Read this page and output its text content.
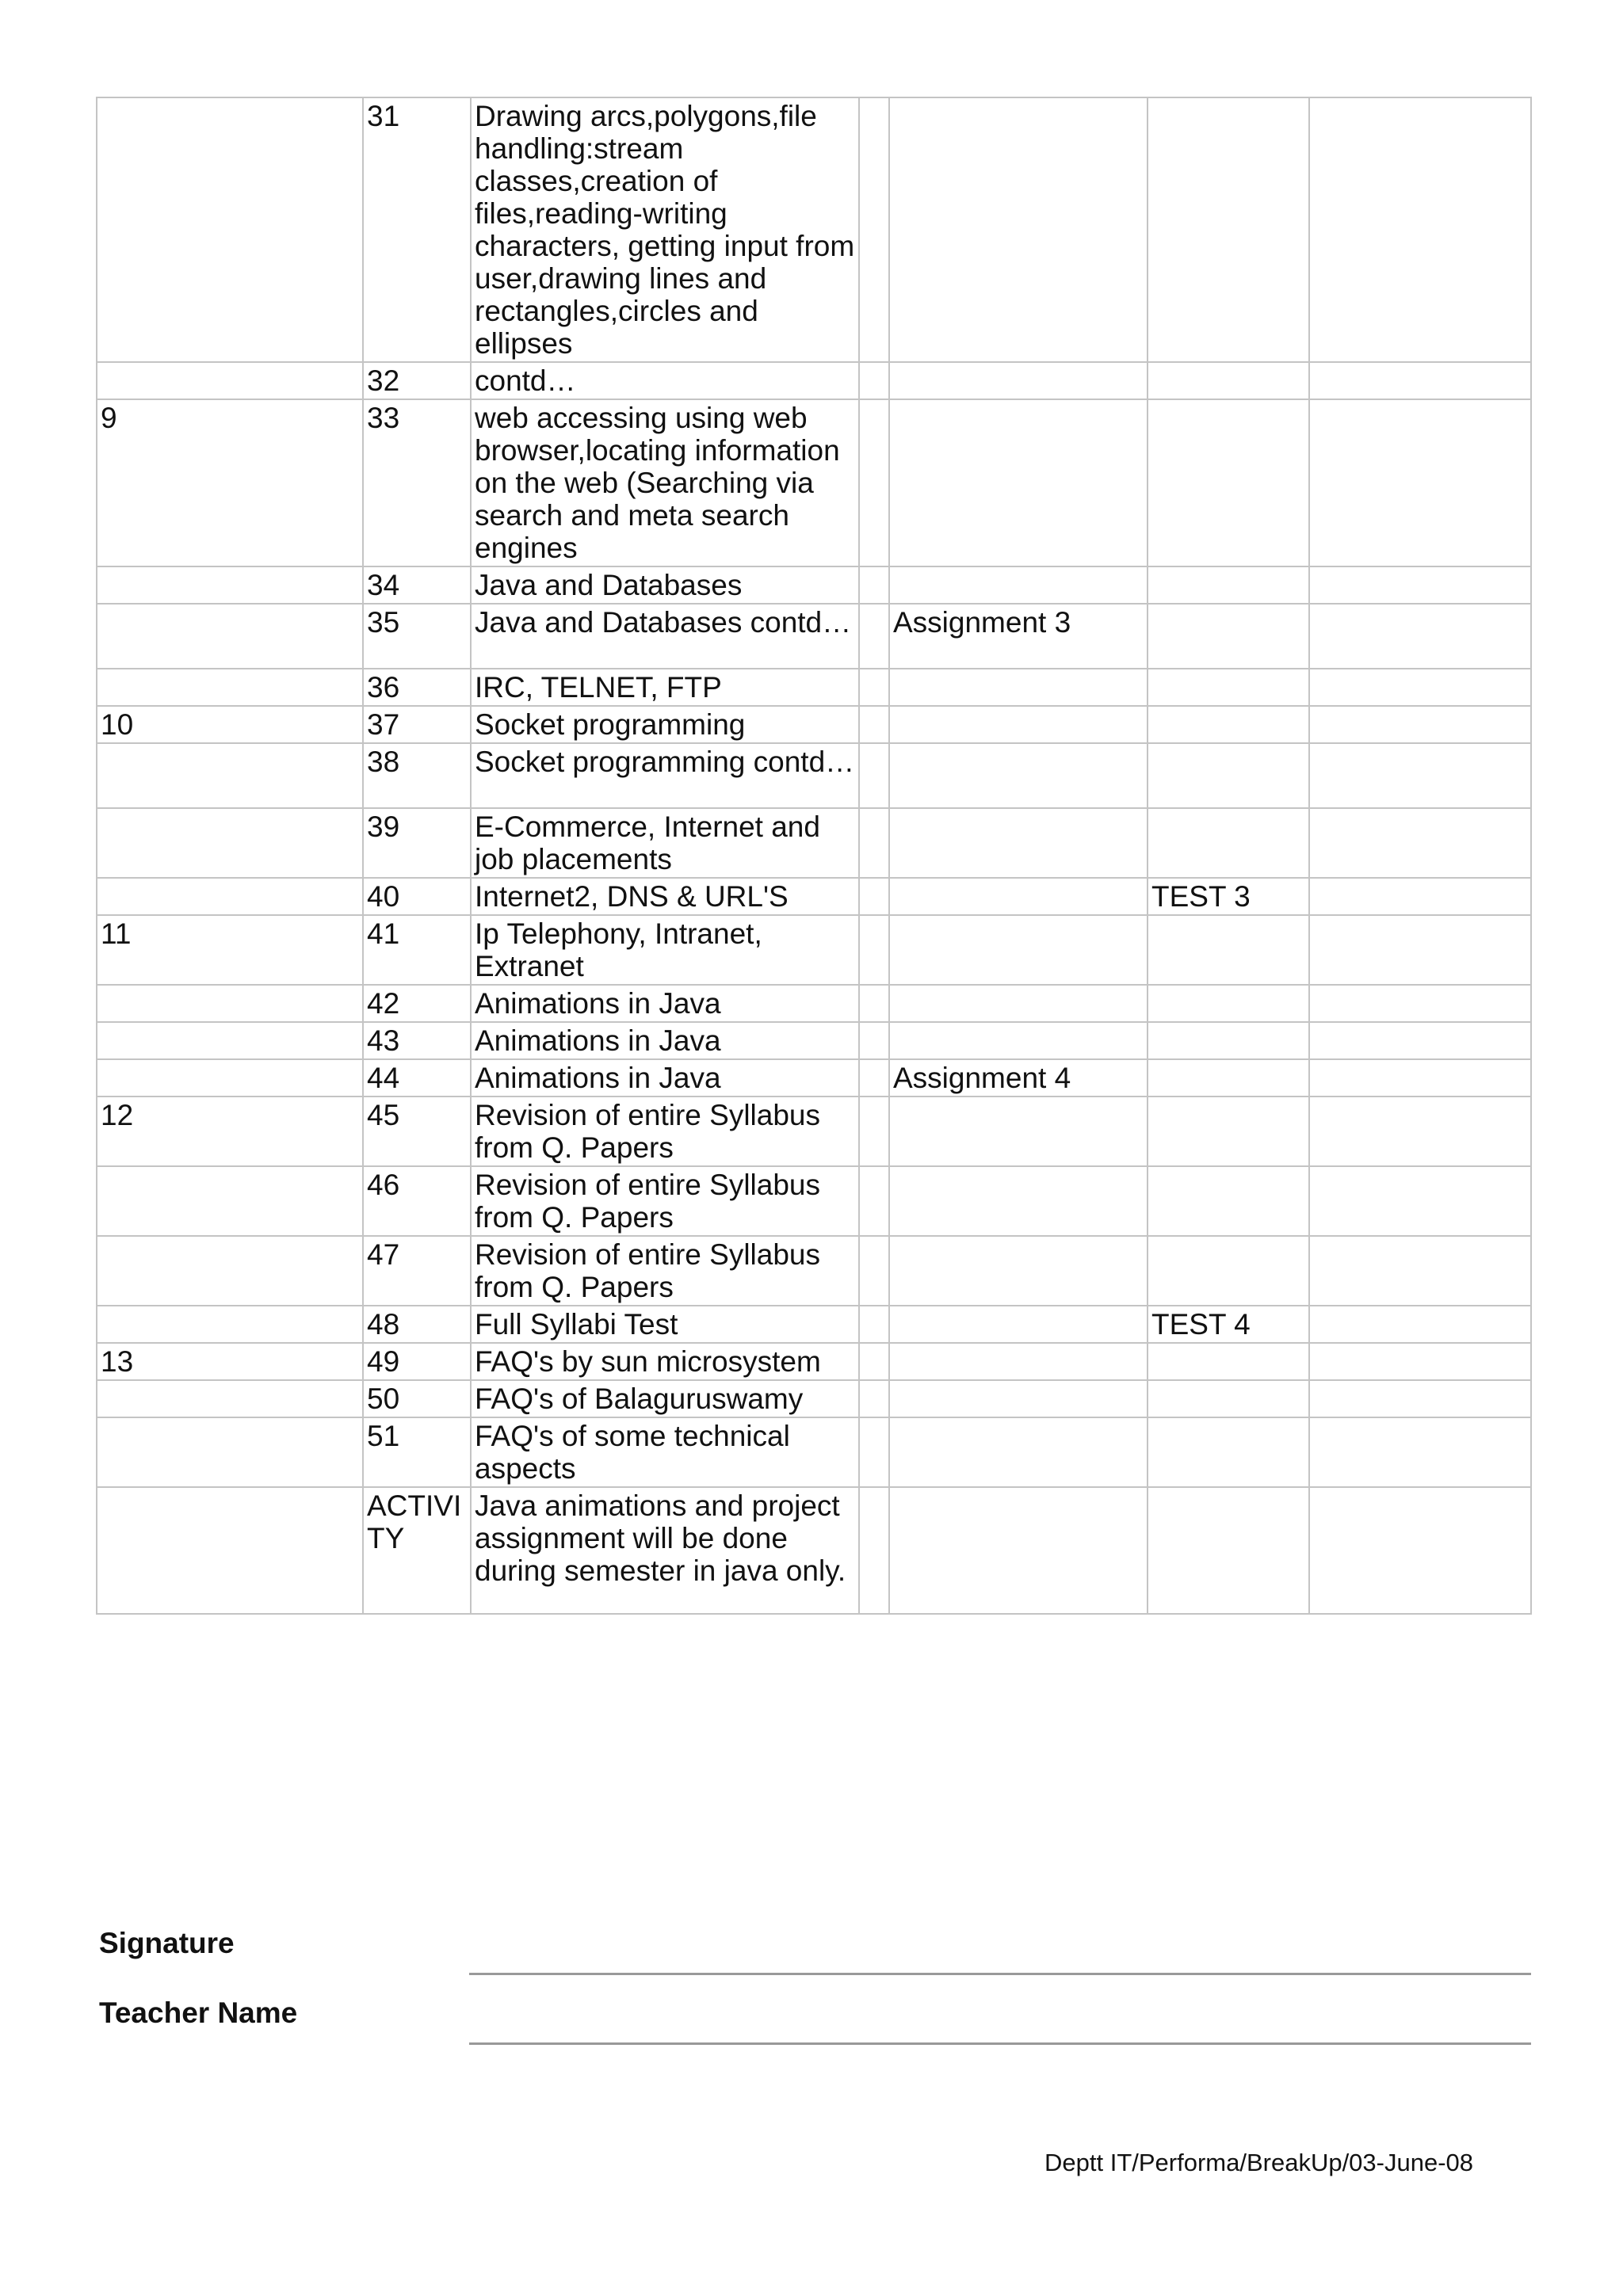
	31	Drawing arcs,polygons,file handling:stream classes,creation of files,reading-writing characters, getting input from user,drawing lines and rectangles,circles and ellipses				
	32	contd…				
9	33	web accessing using web browser,locating information on the web (Searching via search and meta search engines				
	34	Java and Databases				
	35	Java and Databases contd…		Assignment 3		
	36	IRC, TELNET, FTP				
10	37	Socket programming				
	38	Socket programming contd…				
	39	E-Commerce, Internet and job placements				
	40	Internet2, DNS & URL'S			TEST 3	
11	41	Ip Telephony, Intranet, Extranet				
	42	Animations in Java				
	43	Animations in Java				
	44	Animations in Java		Assignment 4		
12	45	Revision of entire Syllabus from Q. Papers				
	46	Revision of entire Syllabus from Q. Papers				
	47	Revision of entire Syllabus from Q. Papers				
	48	Full Syllabi Test			TEST 4	
13	49	FAQ's by sun microsystem				
	50	FAQ's of Balaguruswamy				
	51	FAQ's of some technical aspects				
	ACTIVI TY	Java animations and project assignment will be done during semester in java only.				
Signature
Teacher Name
Deptt IT/Performa/BreakUp/03-June-08
